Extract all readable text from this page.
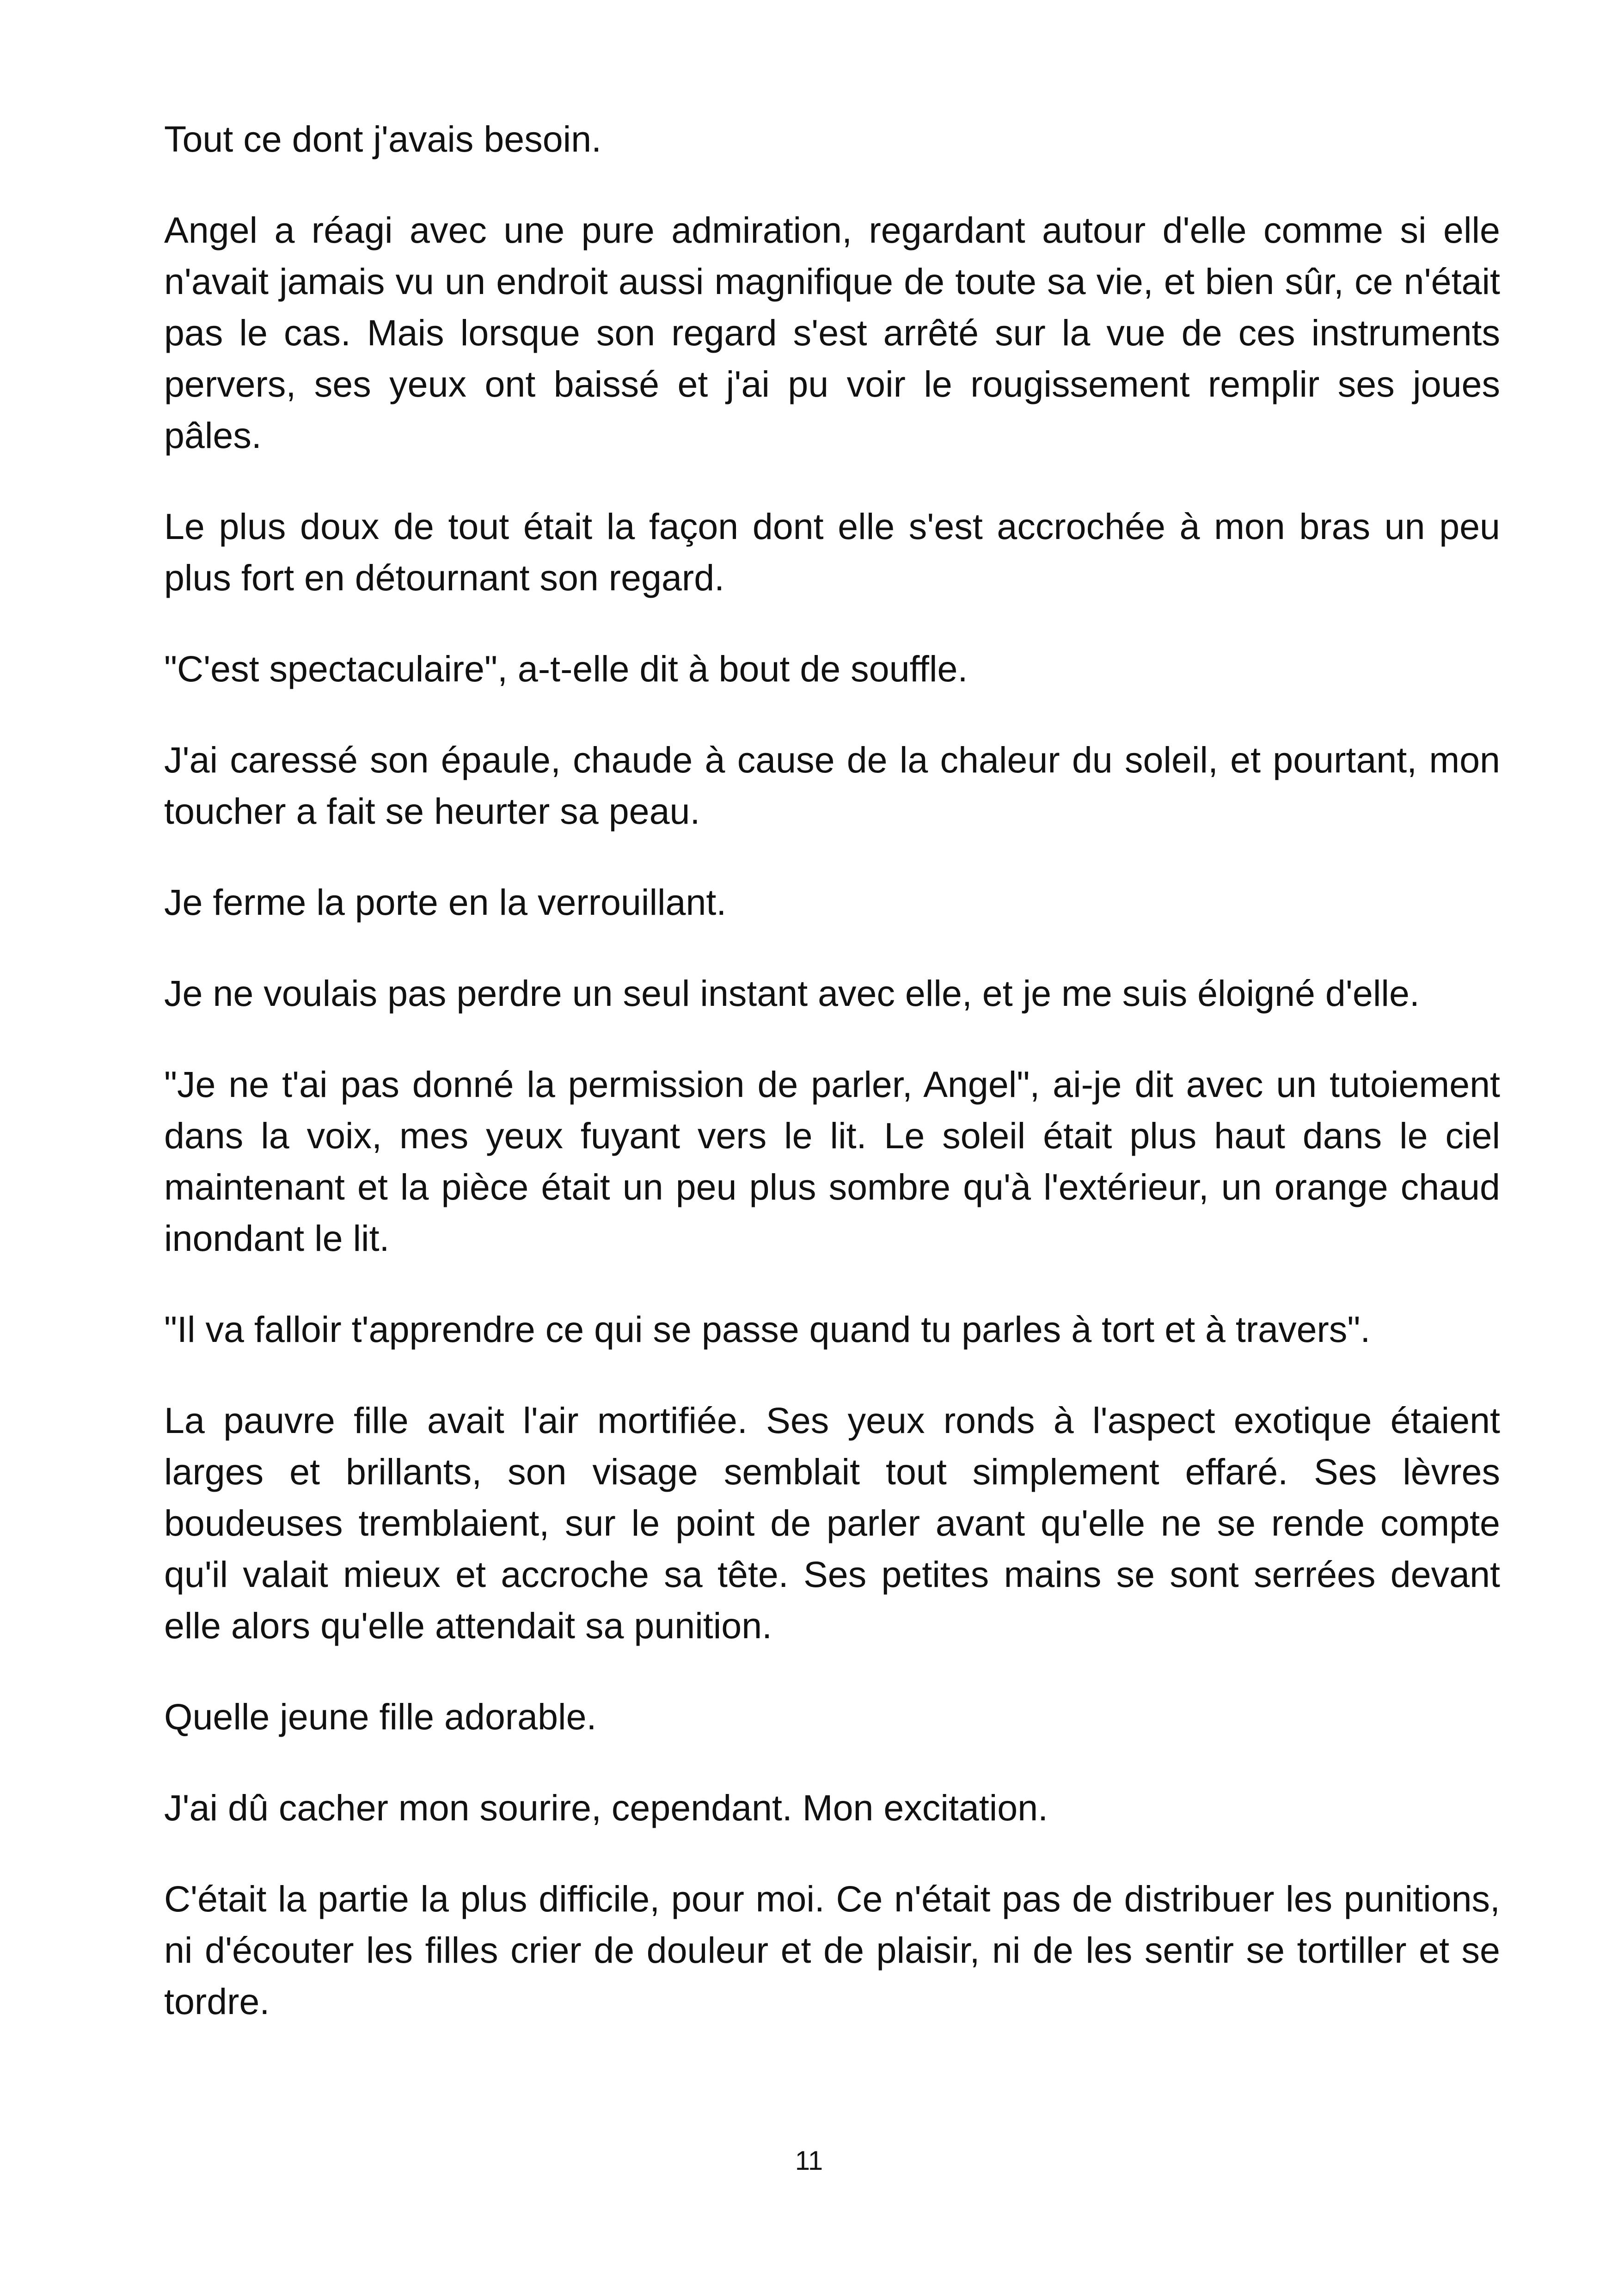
Tout ce dont j'avais besoin.

Angel a réagi avec une pure admiration, regardant autour d'elle comme si elle n'avait jamais vu un endroit aussi magnifique de toute sa vie, et bien sûr, ce n'était pas le cas. Mais lorsque son regard s'est arrêté sur la vue de ces instruments pervers, ses yeux ont baissé et j'ai pu voir le rougissement remplir ses joues pâles.

Le plus doux de tout était la façon dont elle s'est accrochée à mon bras un peu plus fort en détournant son regard.

"C'est spectaculaire", a-t-elle dit à bout de souffle.

J'ai caressé son épaule, chaude à cause de la chaleur du soleil, et pourtant, mon toucher a fait se heurter sa peau.

Je ferme la porte en la verrouillant.

Je ne voulais pas perdre un seul instant avec elle, et je me suis éloigné d'elle.

"Je ne t'ai pas donné la permission de parler, Angel", ai-je dit avec un tutoiement dans la voix, mes yeux fuyant vers le lit. Le soleil était plus haut dans le ciel maintenant et la pièce était un peu plus sombre qu'à l'extérieur, un orange chaud inondant le lit.

"Il va falloir t'apprendre ce qui se passe quand tu parles à tort et à travers".

La pauvre fille avait l'air mortifiée. Ses yeux ronds à l'aspect exotique étaient larges et brillants, son visage semblait tout simplement effaré. Ses lèvres boudeuses tremblaient, sur le point de parler avant qu'elle ne se rende compte qu'il valait mieux et accroche sa tête. Ses petites mains se sont serrées devant elle alors qu'elle attendait sa punition.

Quelle jeune fille adorable.

J'ai dû cacher mon sourire, cependant. Mon excitation.

C'était la partie la plus difficile, pour moi. Ce n'était pas de distribuer les punitions, ni d'écouter les filles crier de douleur et de plaisir, ni de les sentir se tortiller et se tordre.

11
